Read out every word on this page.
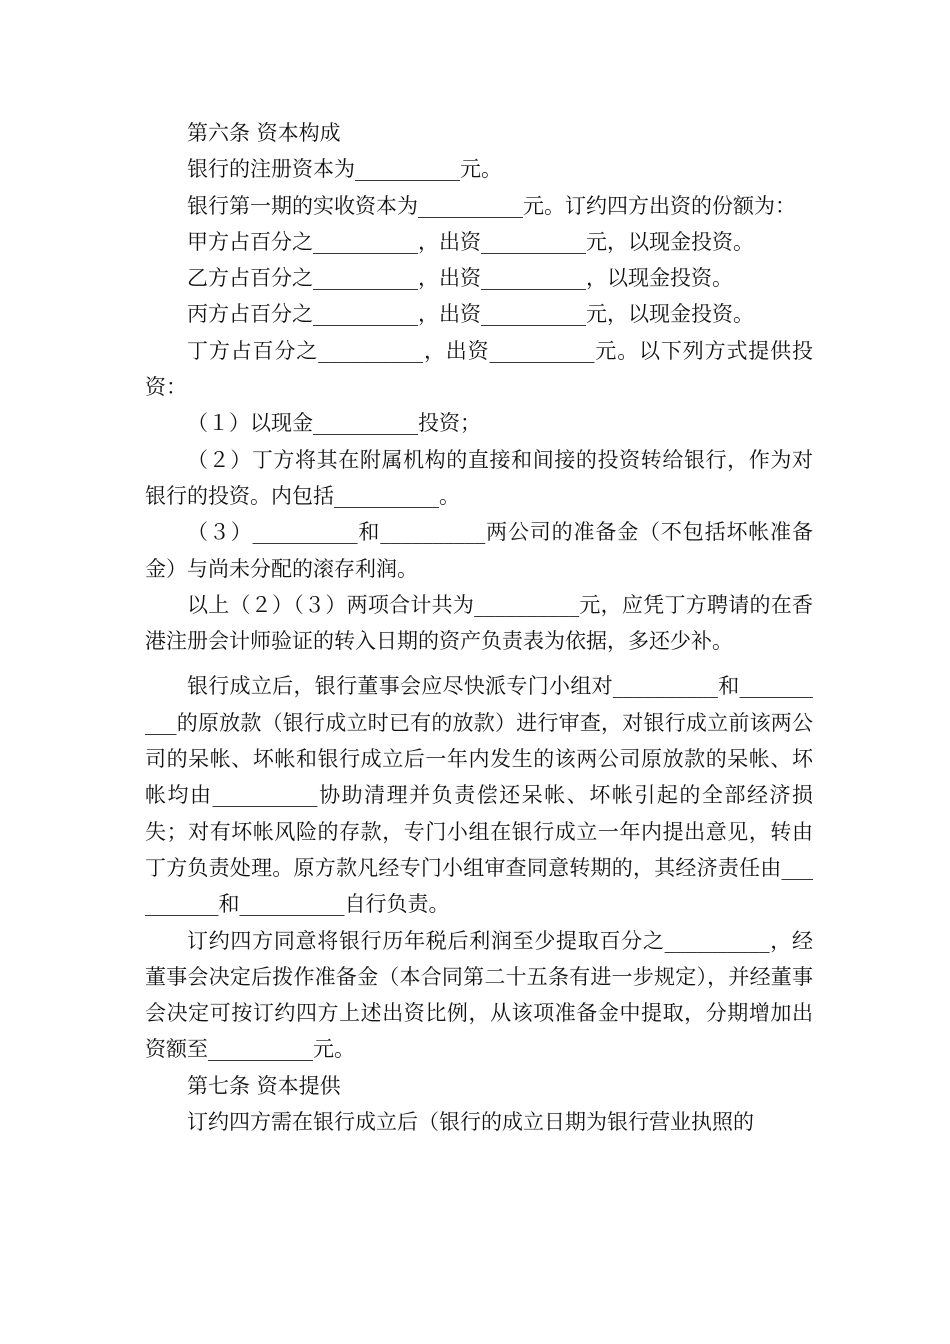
第六条 资本构成

银行的注册资本为__________元。

银行第一期的实收资本为__________元。订约四方出资的份额为：

甲方占百分之__________，出资__________元，以现金投资。

乙方占百分之__________，出资__________，以现金投资。

丙方占百分之__________，出资__________元，以现金投资。

丁方占百分之__________，出资__________元。以下列方式提供投资：

（１）以现金__________投资；

（２）丁方将其在附属机构的直接和间接的投资转给银行，作为对银行的投资。内包括__________。

（３）__________和__________两公司的准备金（不包括坏帐准备金）与尚未分配的滚存利润。

以上（２）（３）两项合计共为__________元，应凭丁方聘请的在香港注册会计师验证的转入日期的资产负责表为依据，多还少补。

银行成立后，银行董事会应尽快派专门小组对__________和__________的原放款（银行成立时已有的放款）进行审查，对银行成立前该两公司的呆帐、坏帐和银行成立后一年内发生的该两公司原放款的呆帐、坏帐均由__________协助清理并负责偿还呆帐、坏帐引起的全部经济损失；对有坏帐风险的存款，专门小组在银行成立一年内提出意见，转由丁方负责处理。原方款凡经专门小组审查同意转期的，其经济责任由__________和__________自行负责。

订约四方同意将银行历年税后利润至少提取百分之__________，经董事会决定后拨作准备金（本合同第二十五条有进一步规定），并经董事会决定可按订约四方上述出资比例，从该项准备金中提取，分期增加出资额至__________元。

第七条 资本提供

订约四方需在银行成立后（银行的成立日期为银行营业执照的
